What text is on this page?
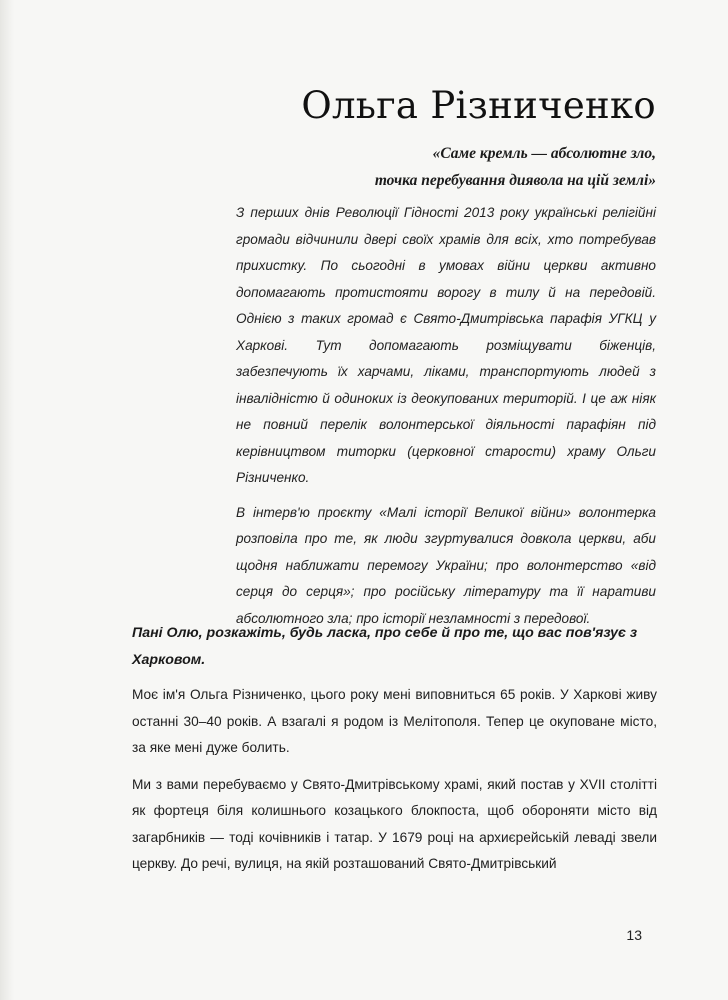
Ольга Різниченко
«Саме кремль — абсолютне зло,
точка перебування диявола на цій землі»

З перших днів Революції Гідності 2013 року українські релігійні громади відчинили двері своїх храмів для всіх, хто потребував прихистку. По сьогодні в умовах війни церкви активно допомагають протистояти ворогу в тилу й на передовій. Однією з таких громад є Свято-Дмитрівська парафія УГКЦ у Харкові. Тут допомагають розміщувати біженців, забезпечують їх харчами, ліками, транспортують людей з інвалідністю й одиноких із деокупованих територій. І це аж ніяк не повний перелік волонтерської діяльності парафіян під керівництвом титорки (церковної старости) храму Ольги Різниченко.

В інтерв'ю проєкту «Малі історії Великої війни» волонтерка розповіла про те, як люди згуртувалися довкола церкви, аби щодня наближати перемогу України; про волонтерство «від серця до серця»; про російську літературу та її наративи абсолютного зла; про історії незламності з передової.

Пані Олю, розкажіть, будь ласка, про себе й про те, що вас пов'язує з Харковом.

Моє ім'я Ольга Різниченко, цього року мені виповниться 65 років. У Харкові живу останні 30–40 років. А взагалі я родом із Мелітополя. Тепер це окуповане місто, за яке мені дуже болить.

Ми з вами перебуваємо у Свято-Дмитрівському храмі, який постав у XVII столітті як фортеця біля колишнього козацького блокпоста, щоб обороняти місто від загарбників — тоді кочівників і татар. У 1679 році на архиєрейській леваді звели церкву. До речі, вулиця, на якій розташований Свято-Дмитрівський

13
